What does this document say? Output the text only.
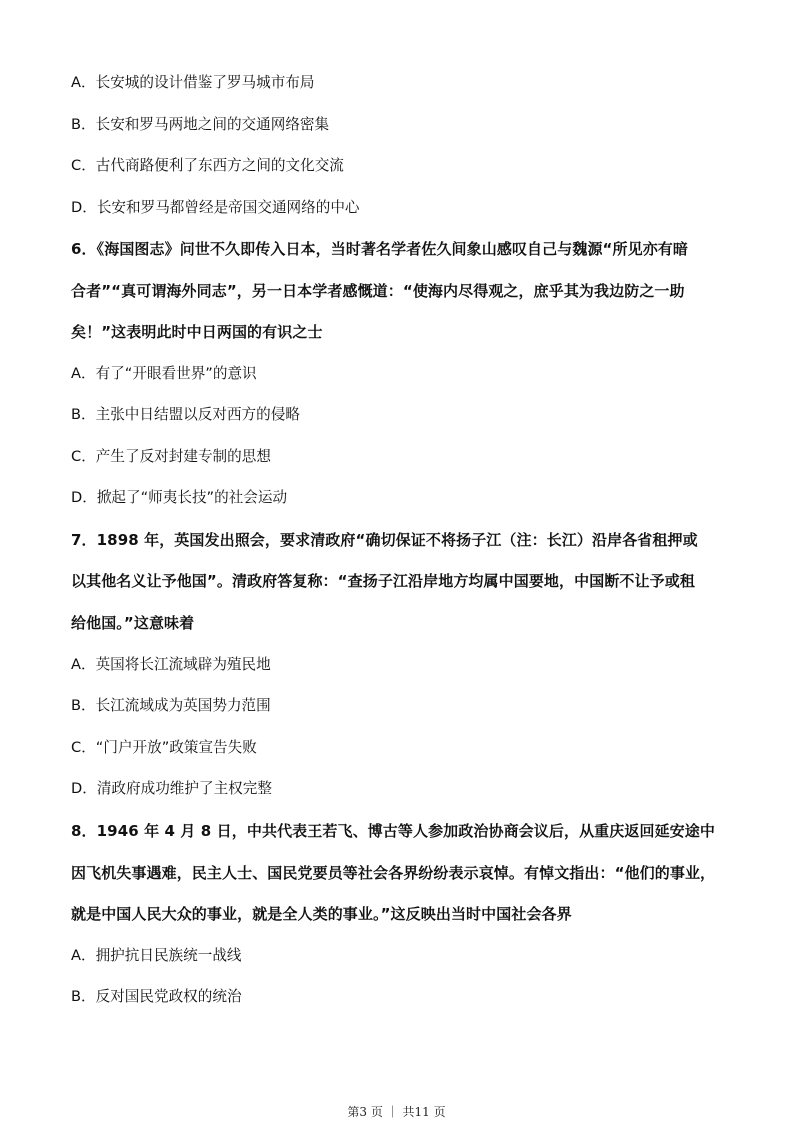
A．长安城的设计借鉴了罗马城市布局
B．长安和罗马两地之间的交通网络密集
C．古代商路便利了东西方之间的文化交流
D．长安和罗马都曾经是帝国交通网络的中心
6．《海国图志》问世不久即传入日本，当时著名学者佐久间象山感叹自己与魏源“所见亦有暗
合者”“真可谓海外同志”，另一日本学者感慨道：“使海内尽得观之，庶乎其为我边防之一助
矣！”这表明此时中日两国的有识之士
A．有了“开眼看世界”的意识
B．主张中日结盟以反对西方的侵略
C．产生了反对封建专制的思想
D．掀起了“师夷长技”的社会运动
7．1898 年，英国发出照会，要求清政府“确切保证不将扬子江（注：长江）沿岸各省租押或
以其他名义让予他国”。清政府答复称：“查扬子江沿岸地方均属中国要地，中国断不让予或租
给他国。”这意味着
A．英国将长江流域辟为殖民地
B．长江流域成为英国势力范围
C．“门户开放”政策宣告失败
D．清政府成功维护了主权完整
8．1946 年 4 月 8 日，中共代表王若飞、博古等人参加政治协商会议后，从重庆返回延安途中
因飞机失事遇难，民主人士、国民党要员等社会各界纷纷表示哀悼。有悼文指出：“他们的事业，
就是中国人民大众的事业，就是全人类的事业。”这反映出当时中国社会各界
A．拥护抗日民族统一战线
B．反对国民党政权的统治
第3 页 ｜ 共11 页
